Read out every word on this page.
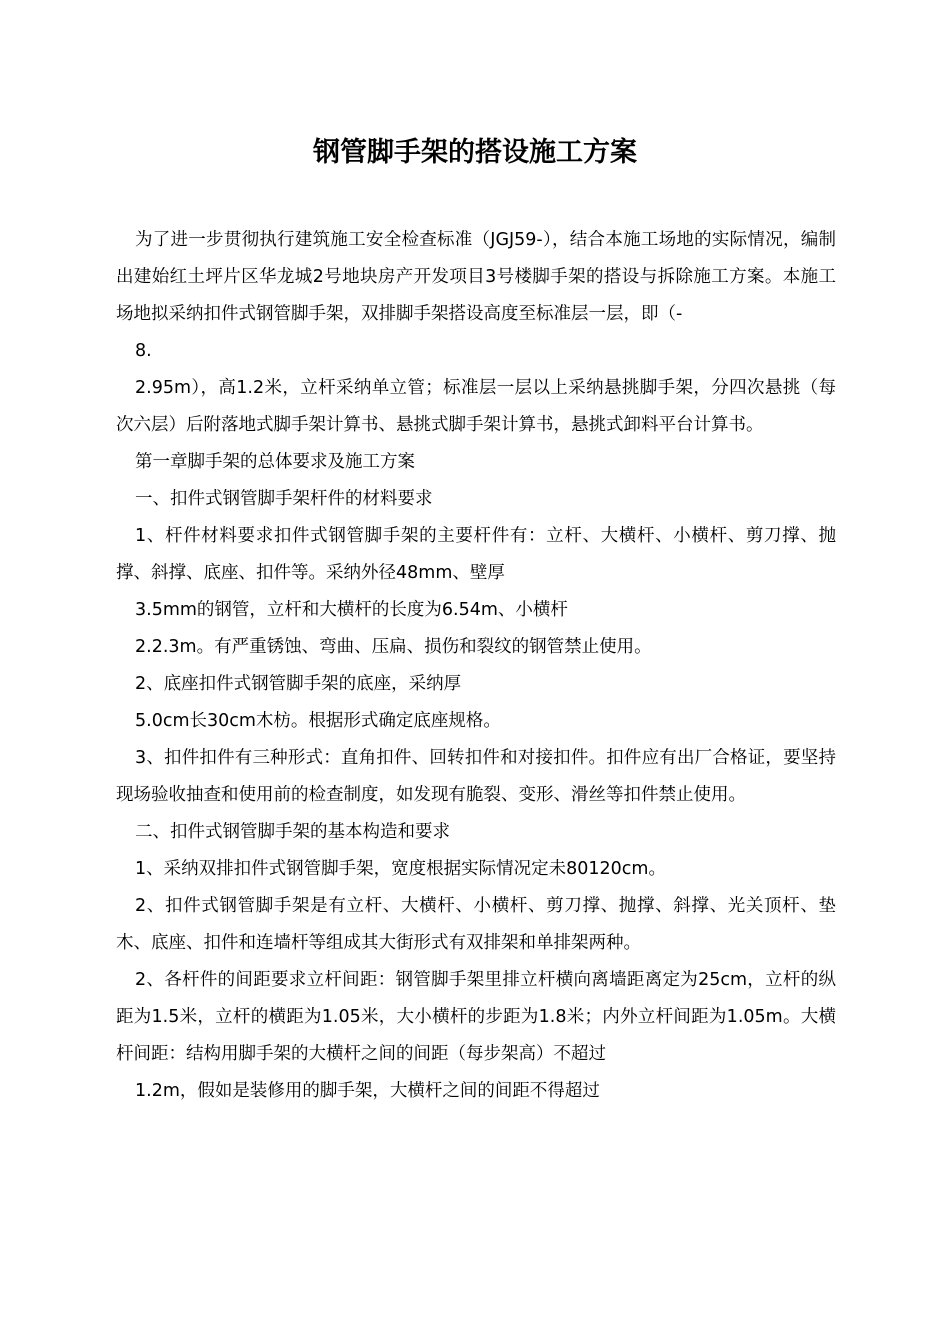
钢管脚手架的搭设施工方案

为了进一步贯彻执行建筑施工安全检查标准（JGJ59-），结合本施工场地的实际情况，编制出建始红土坪片区华龙城2号地块房产开发项目3号楼脚手架的搭设与拆除施工方案。本施工场地拟采纳扣件式钢管脚手架，双排脚手架搭设高度至标准层一层，即（-

8.

2.95m），高1.2米，立杆采纳单立管；标准层一层以上采纳悬挑脚手架，分四次悬挑（每次六层）后附落地式脚手架计算书、悬挑式脚手架计算书，悬挑式卸料平台计算书。

第一章脚手架的总体要求及施工方案

一、扣件式钢管脚手架杆件的材料要求

1、杆件材料要求扣件式钢管脚手架的主要杆件有：立杆、大横杆、小横杆、剪刀撑、抛撑、斜撑、底座、扣件等。采纳外径48mm、壁厚

3.5mm的钢管，立杆和大横杆的长度为6.54m、小横杆

2.2.3m。有严重锈蚀、弯曲、压扁、损伤和裂纹的钢管禁止使用。

2、底座扣件式钢管脚手架的底座，采纳厚

5.0cm长30cm木枋。根据形式确定底座规格。

3、扣件扣件有三种形式：直角扣件、回转扣件和对接扣件。扣件应有出厂合格证，要坚持现场验收抽查和使用前的检查制度，如发现有脆裂、变形、滑丝等扣件禁止使用。

二、扣件式钢管脚手架的基本构造和要求

1、采纳双排扣件式钢管脚手架，宽度根据实际情况定未80120cm。

2、扣件式钢管脚手架是有立杆、大横杆、小横杆、剪刀撑、抛撑、斜撑、光关顶杆、垫木、底座、扣件和连墙杆等组成其大街形式有双排架和单排架两种。

2、各杆件的间距要求立杆间距：钢管脚手架里排立杆横向离墙距离定为25cm，立杆的纵距为1.5米，立杆的横距为1.05米，大小横杆的步距为1.8米；内外立杆间距为1.05m。大横杆间距：结构用脚手架的大横杆之间的间距（每步架高）不超过

1.2m，假如是装修用的脚手架，大横杆之间的间距不得超过
